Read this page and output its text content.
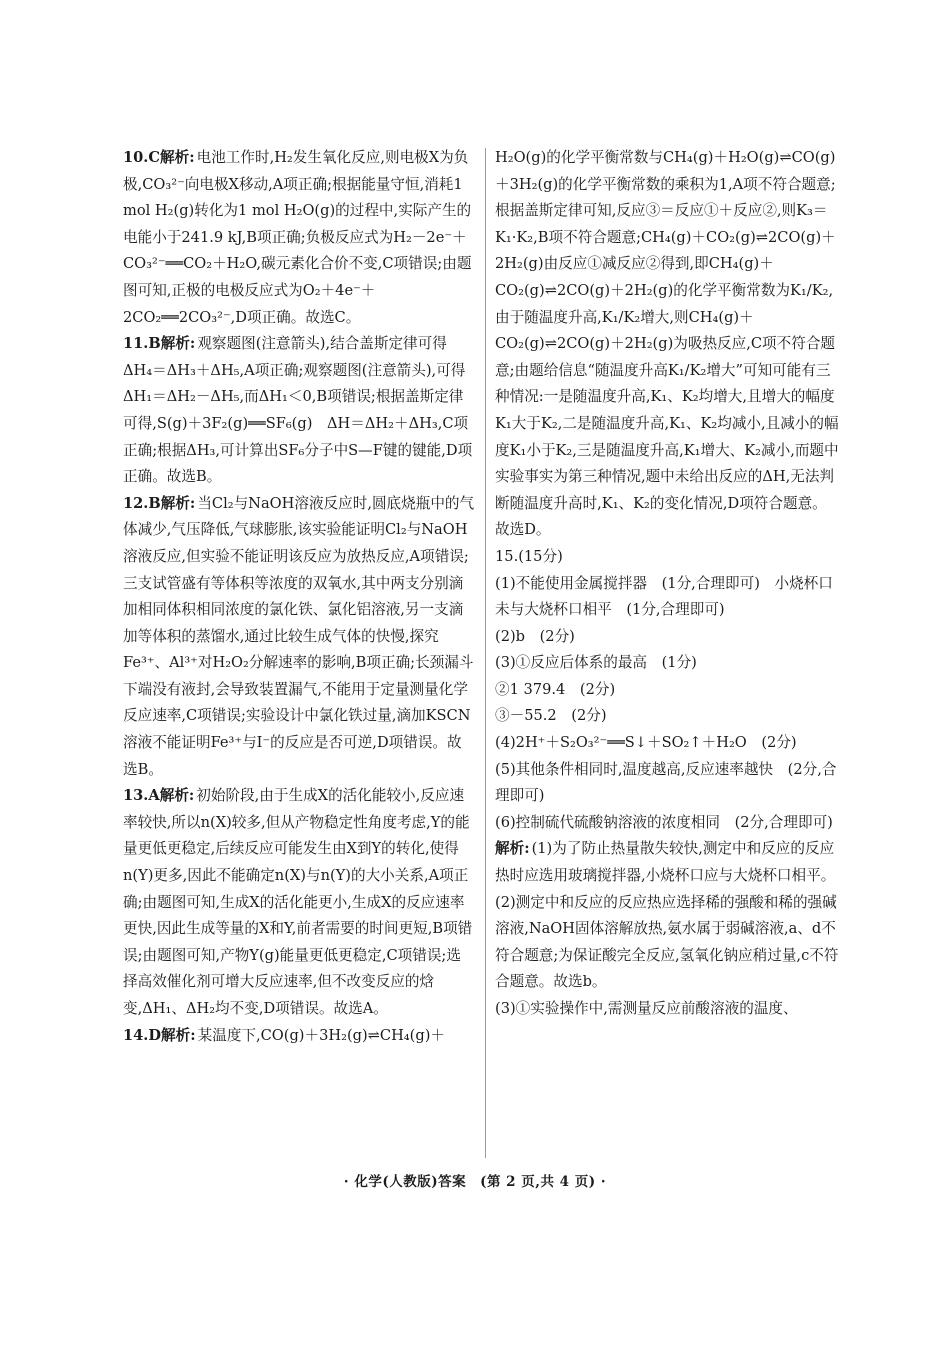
10.C解析: 电池工作时,H₂发生氧化反应,则电极X为负极,CO₃²⁻向电极X移动,A项正确;根据能量守恒,消耗1 mol H₂(g)转化为1 mol H₂O(g)的过程中,实际产生的电能小于241.9 kJ,B项正确;负极反应式为H₂－2e⁻＋CO₃²⁻══CO₂＋H₂O,碳元素化合价不变,C项错误;由题图可知,正极的电极反应式为O₂＋4e⁻＋2CO₂══2CO₃²⁻,D项正确。故选C。
11.B解析: 观察题图(注意箭头),结合盖斯定律可得ΔH₄＝ΔH₃＋ΔH₅,A项正确;观察题图(注意箭头),可得ΔH₁＝ΔH₂－ΔH₅,而ΔH₁＜0,B项错误;根据盖斯定律可得,S(g)＋3F₂(g)══SF₆(g)　ΔH＝ΔH₂＋ΔH₃,C项正确;根据ΔH₃,可计算出SF₆分子中S—F键的键能,D项正确。故选B。
12.B解析: 当Cl₂与NaOH溶液反应时,圆底烧瓶中的气体减少,气压降低,气球膨胀,该实验能证明Cl₂与NaOH溶液反应,但实验不能证明该反应为放热反应,A项错误;三支试管盛有等体积等浓度的双氧水,其中两支分别滴加相同体积相同浓度的氯化铁、氯化铝溶液,另一支滴加等体积的蒸馏水,通过比较生成气体的快慢,探究Fe³⁺、Al³⁺对H₂O₂分解速率的影响,B项正确;长颈漏斗下端没有液封,会导致装置漏气,不能用于定量测量化学反应速率,C项错误;实验设计中氯化铁过量,滴加KSCN溶液不能证明Fe³⁺与I⁻的反应是否可逆,D项错误。故选B。
13.A解析: 初始阶段,由于生成X的活化能较小,反应速率较快,所以n(X)较多,但从产物稳定性角度考虑,Y的能量更低更稳定,后续反应可能发生由X到Y的转化,使得n(Y)更多,因此不能确定n(X)与n(Y)的大小关系,A项正确;由题图可知,生成X的活化能更小,生成X的反应速率更快,因此生成等量的X和Y,前者需要的时间更短,B项错误;由题图可知,产物Y(g)能量更低更稳定,C项错误;选择高效催化剂可增大反应速率,但不改变反应的焓变,ΔH₁、ΔH₂均不变,D项错误。故选A。
14.D解析: 某温度下,CO(g)＋3H₂(g)⇌CH₄(g)＋
H₂O(g)的化学平衡常数与CH₄(g)＋H₂O(g)⇌CO(g)＋3H₂(g)的化学平衡常数的乘积为1,A项不符合题意;根据盖斯定律可知,反应③＝反应①＋反应②,则K₃＝K₁·K₂,B项不符合题意;CH₄(g)＋CO₂(g)⇌2CO(g)＋2H₂(g)由反应①减反应②得到,即CH₄(g)＋CO₂(g)⇌2CO(g)＋2H₂(g)的化学平衡常数为K₁/K₂,由于随温度升高,K₁/K₂增大,则CH₄(g)＋CO₂(g)⇌2CO(g)＋2H₂(g)为吸热反应,C项不符合题意;由题给信息“随温度升高K₁/K₂增大”可知可能有三种情况:一是随温度升高,K₁、K₂均增大,且增大的幅度K₁大于K₂,二是随温度升高,K₁、K₂均减小,且减小的幅度K₁小于K₂,三是随温度升高,K₁增大、K₂减小,而题中实验事实为第三种情况,题中未给出反应的ΔH,无法判断随温度升高时,K₁、K₂的变化情况,D项符合题意。故选D。
15.(15分)
(1)不能使用金属搅拌器　(1分,合理即可)　小烧杯口未与大烧杯口相平　(1分,合理即可)
(2)b　(2分)
(3)①反应后体系的最高　(1分)
②1 379.4　(2分)
③－55.2　(2分)
(4)2H⁺＋S₂O₃²⁻══S↓＋SO₂↑＋H₂O　(2分)
(5)其他条件相同时,温度越高,反应速率越快　(2分,合理即可)
(6)控制硫代硫酸钠溶液的浓度相同　(2分,合理即可)
解析: (1)为了防止热量散失较快,测定中和反应的反应热时应选用玻璃搅拌器,小烧杯口应与大烧杯口相平。
(2)测定中和反应的反应热应选择稀的强酸和稀的强碱溶液,NaOH固体溶解放热,氨水属于弱碱溶液,a、d不符合题意;为保证酸完全反应,氢氧化钠应稍过量,c不符合题意。故选b。
(3)①实验操作中,需测量反应前酸溶液的温度、
· 化学(人教版)答案　(第 2 页,共 4 页) ·
